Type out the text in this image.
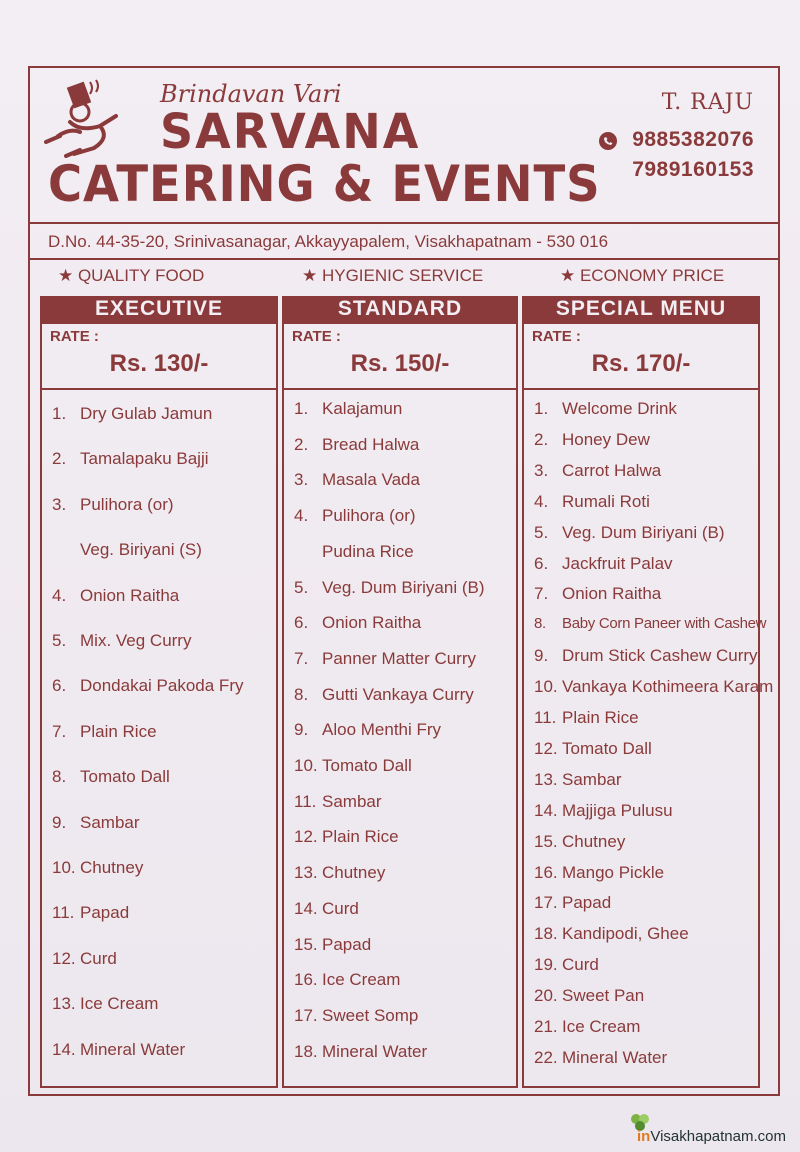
Brindavan Vari
SARVANA
CATERING & EVENTS
T. RAJU
9885382076
7989160153
D.No. 44-35-20, Srinivasanagar, Akkayyapalem, Visakhapatnam - 530 016
★ QUALITY FOOD	★ HYGIENIC SERVICE	★ ECONOMY PRICE
EXECUTIVE
RATE :
Rs. 130/-
1. Dry Gulab Jamun
2. Tamalapaku Bajji
3. Pulihora (or)
Veg. Biriyani (S)
4. Onion Raitha
5. Mix. Veg Curry
6. Dondakai Pakoda Fry
7. Plain Rice
8. Tomato Dall
9. Sambar
10. Chutney
11. Papad
12. Curd
13. Ice Cream
14. Mineral Water
STANDARD
RATE :
Rs. 150/-
1. Kalajamun
2. Bread Halwa
3. Masala Vada
4. Pulihora (or)
Pudina Rice
5. Veg. Dum Biriyani (B)
6. Onion Raitha
7. Panner Matter Curry
8. Gutti Vankaya Curry
9. Aloo Menthi Fry
10. Tomato Dall
11. Sambar
12. Plain Rice
13. Chutney
14. Curd
15. Papad
16. Ice Cream
17. Sweet Somp
18. Mineral Water
SPECIAL MENU
RATE :
Rs. 170/-
1. Welcome Drink
2. Honey Dew
3. Carrot Halwa
4. Rumali Roti
5. Veg. Dum Biriyani (B)
6. Jackfruit Palav
7. Onion Raitha
8. Baby Corn Paneer with Cashew
9. Drum Stick Cashew Curry
10. Vankaya Kothimeera Karam
11. Plain Rice
12. Tomato Dall
13. Sambar
14. Majjiga Pulusu
15. Chutney
16. Mango Pickle
17. Papad
18. Kandipodi, Ghee
19. Curd
20. Sweet Pan
21. Ice Cream
22. Mineral Water
inVisakhapatnam.com
